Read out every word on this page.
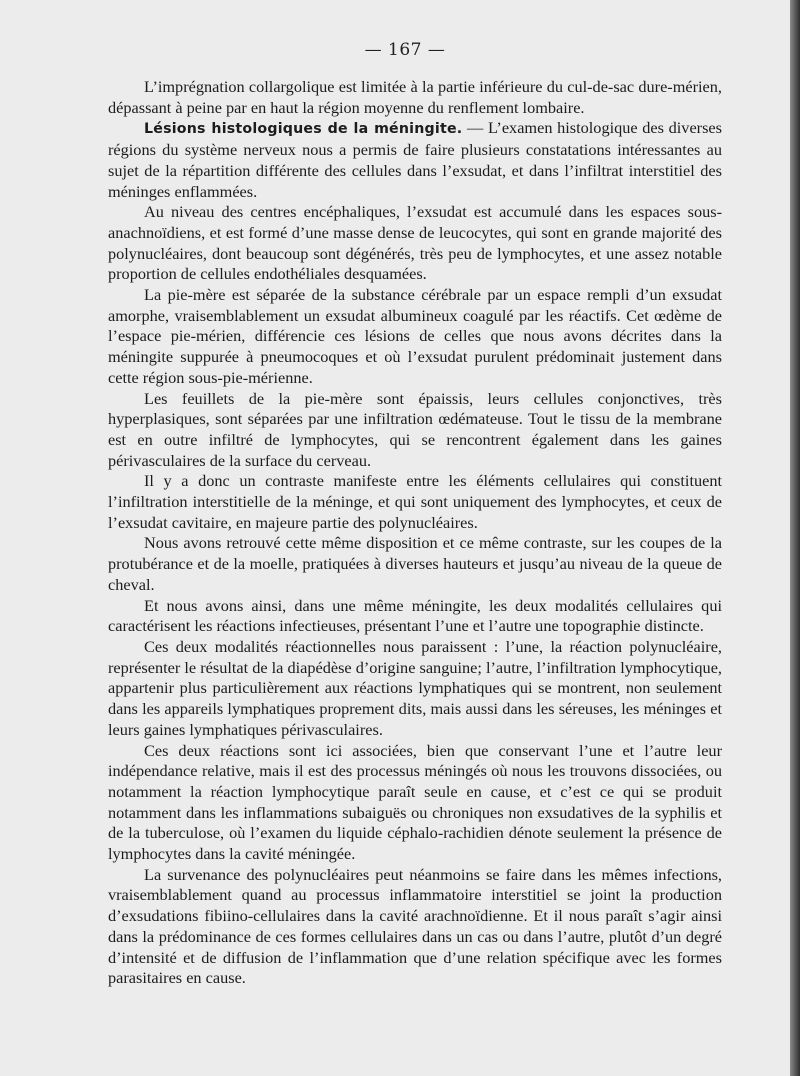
— 167 —

L’imprégnation collargolique est limitée à la partie inférieure du cul-de-sac dure-mérien, dépassant à peine par en haut la région moyenne du renflement lombaire.

Lésions histologiques de la méningite. — L’examen histologique des diverses régions du système nerveux nous a permis de faire plusieurs constatations intéressantes au sujet de la répartition différente des cellules dans l’exsudat, et dans l’infiltrat interstitiel des méninges enflammées.

Au niveau des centres encéphaliques, l’exsudat est accumulé dans les espaces sous-anachnoïdiens, et est formé d’une masse dense de leucocytes, qui sont en grande majorité des polynucléaires, dont beaucoup sont dégénérés, très peu de lymphocytes, et une assez notable proportion de cellules endothéliales desquamées.

La pie-mère est séparée de la substance cérébrale par un espace rempli d’un exsudat amorphe, vraisemblablement un exsudat albumineux coagulé par les réactifs. Cet œdème de l’espace pie-mérien, différencie ces lésions de celles que nous avons décrites dans la méningite suppurée à pneumocoques et où l’exsudat purulent prédominait justement dans cette région sous-pie-mérienne.

Les feuillets de la pie-mère sont épaissis, leurs cellules conjonctives, très hyperplasiques, sont séparées par une infiltration œdémateuse. Tout le tissu de la membrane est en outre infiltré de lymphocytes, qui se rencontrent également dans les gaines périvasculaires de la surface du cerveau.

Il y a donc un contraste manifeste entre les éléments cellulaires qui constituent l’infiltration interstitielle de la méninge, et qui sont uniquement des lymphocytes, et ceux de l’exsudat cavitaire, en majeure partie des polynucléaires.

Nous avons retrouvé cette même disposition et ce même contraste, sur les coupes de la protubérance et de la moelle, pratiquées à diverses hauteurs et jusqu’au niveau de la queue de cheval.

Et nous avons ainsi, dans une même méningite, les deux modalités cellulaires qui caractérisent les réactions infectieuses, présentant l’une et l’autre une topographie distincte.

Ces deux modalités réactionnelles nous paraissent : l’une, la réaction polynucléaire, représenter le résultat de la diapédèse d’origine sanguine; l’autre, l’infiltration lymphocytique, appartenir plus particulièrement aux réactions lymphatiques qui se montrent, non seulement dans les appareils lymphatiques proprement dits, mais aussi dans les séreuses, les méninges et leurs gaines lymphatiques périvasculaires.

Ces deux réactions sont ici associées, bien que conservant l’une et l’autre leur indépendance relative, mais il est des processus méningés où nous les trouvons dissociées, ou notamment la réaction lymphocytique paraît seule en cause, et c’est ce qui se produit notamment dans les inflammations subaiguës ou chroniques non exsudatives de la syphilis et de la tuberculose, où l’examen du liquide céphalo-rachidien dénote seulement la présence de lymphocytes dans la cavité méningée.

La survenance des polynucléaires peut néanmoins se faire dans les mêmes infections, vraisemblablement quand au processus inflammatoire interstitiel se joint la production d’exsudations fibiino-cellulaires dans la cavité arachnoïdienne. Et il nous paraît s’agir ainsi dans la prédominance de ces formes cellulaires dans un cas ou dans l’autre, plutôt d’un degré d’intensité et de diffusion de l’inflammation que d’une relation spécifique avec les formes parasitaires en cause.
